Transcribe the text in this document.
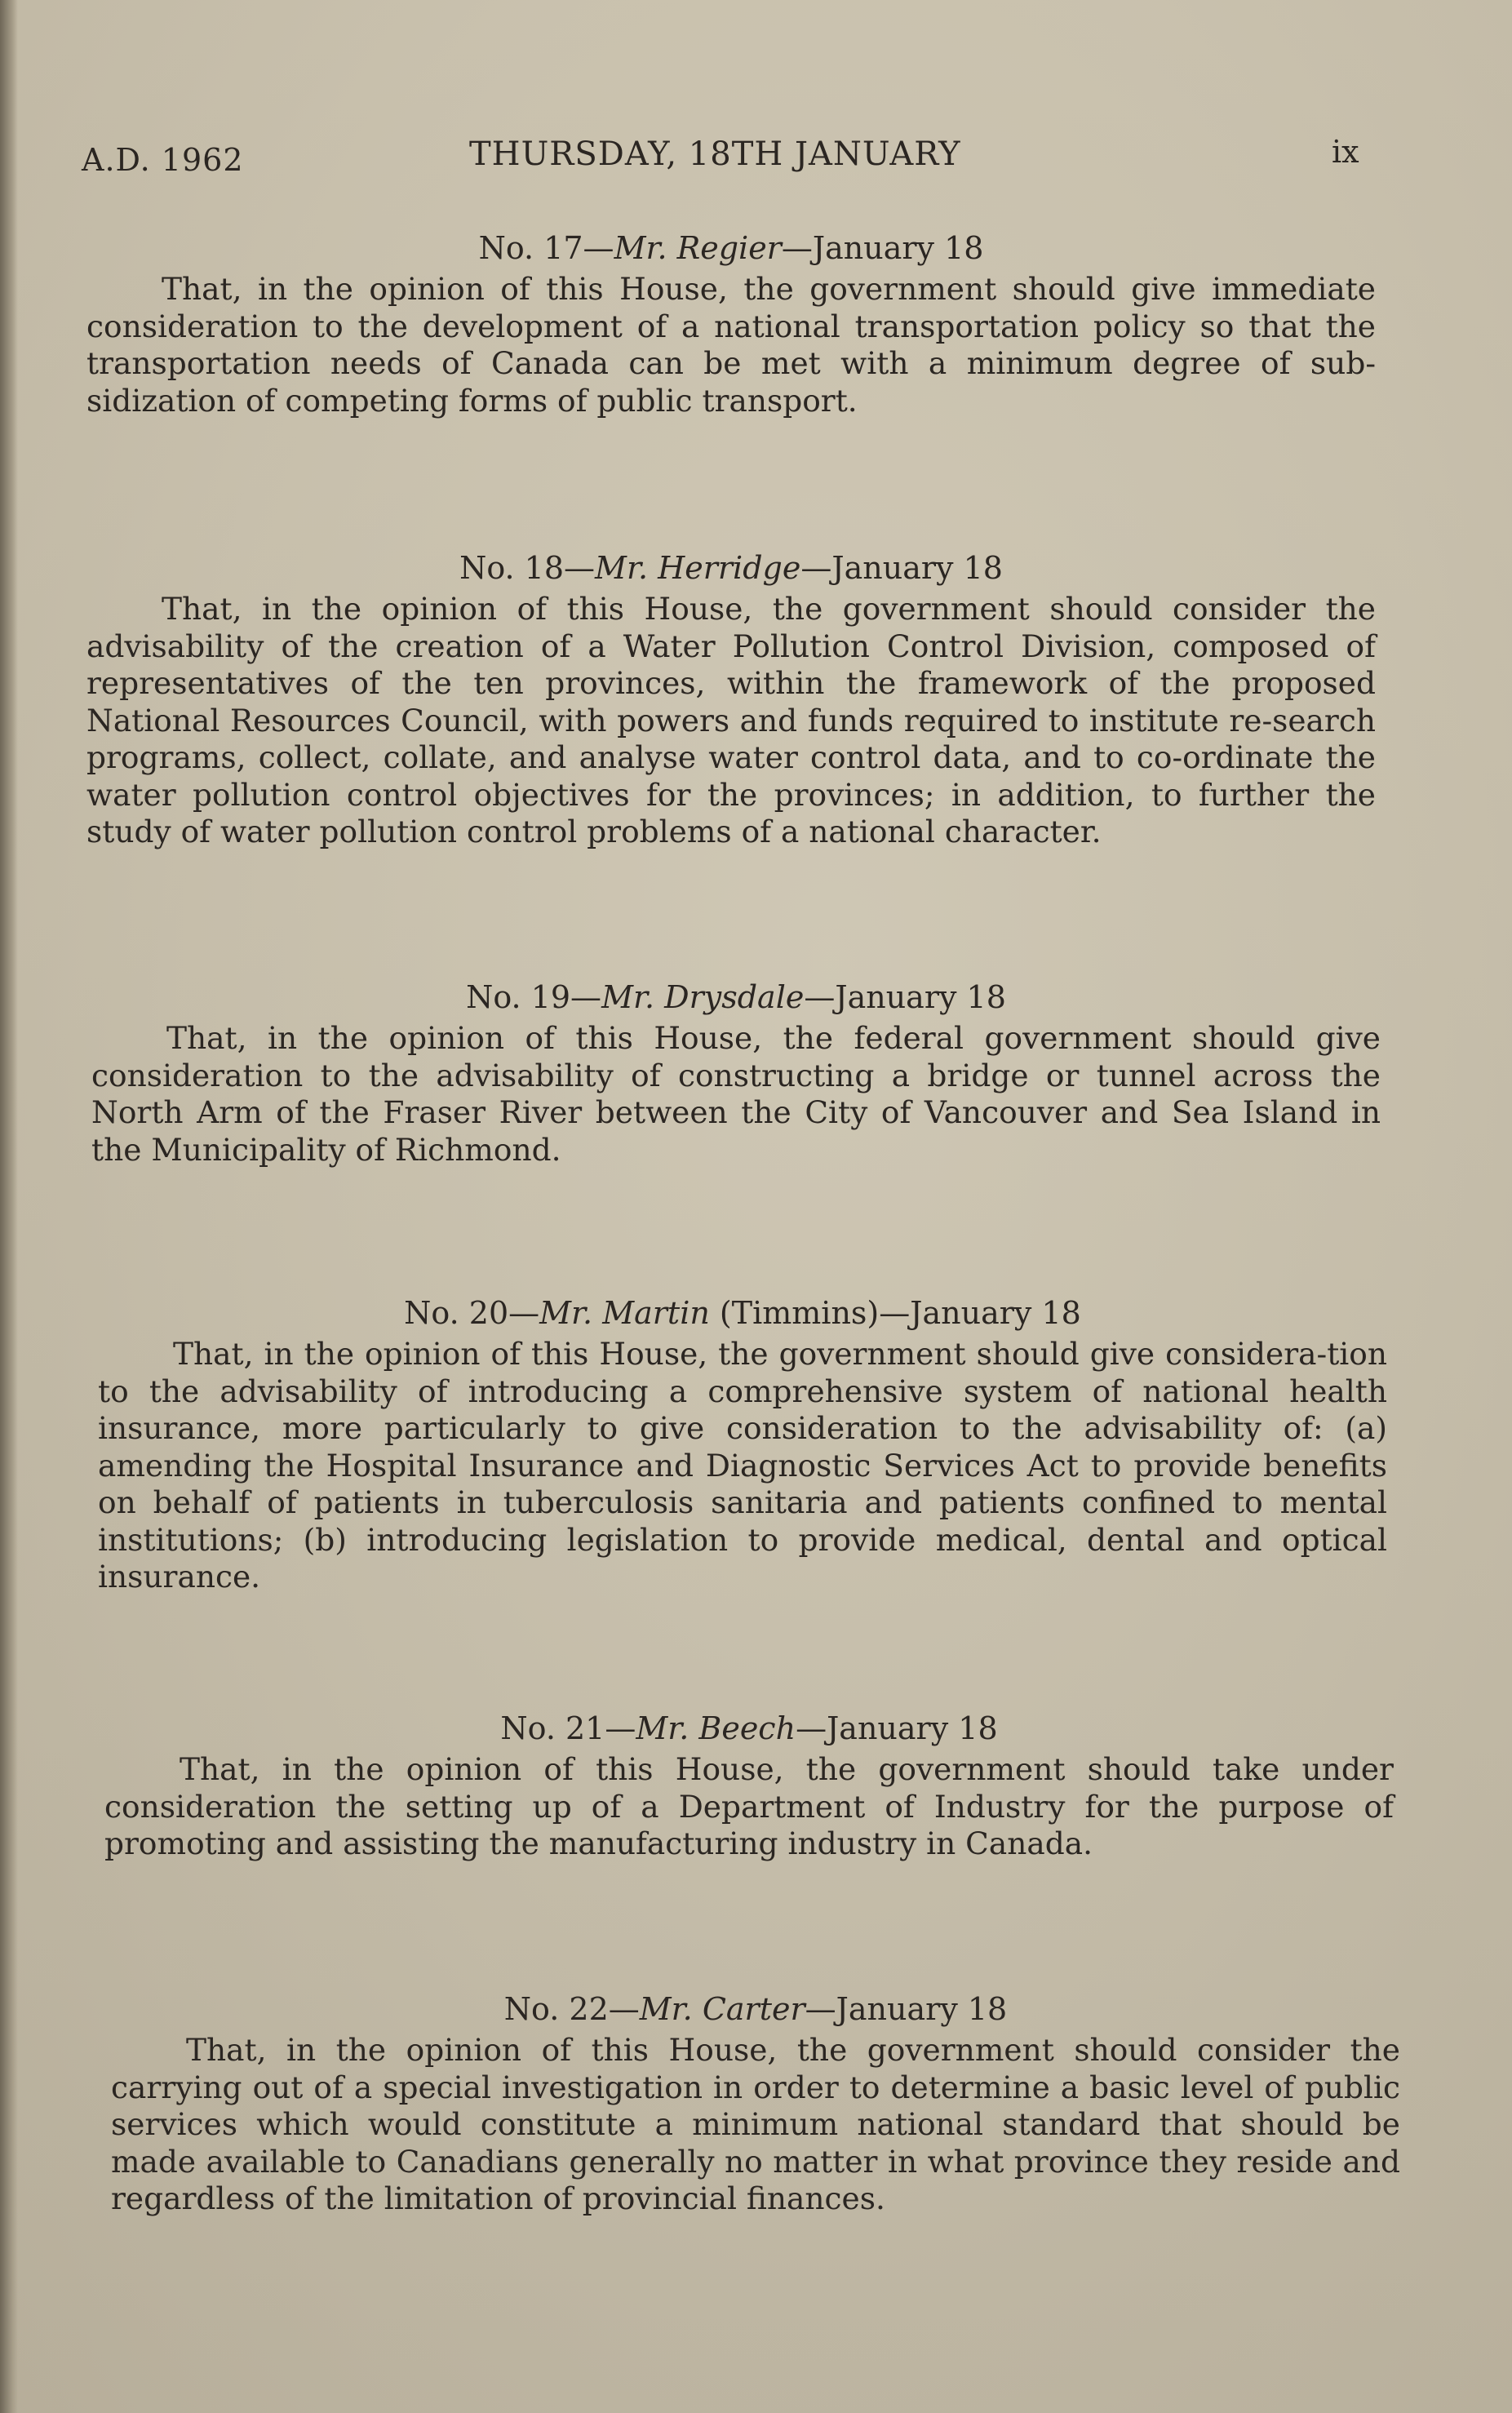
A.D. 1962	THURSDAY, 18TH JANUARY	ix
No. 17—Mr. Regier—January 18
That, in the opinion of this House, the government should give immediate consideration to the development of a national transportation policy so that the transportation needs of Canada can be met with a minimum degree of sub-sidization of competing forms of public transport.
No. 18—Mr. Herridge—January 18
That, in the opinion of this House, the government should consider the advisability of the creation of a Water Pollution Control Division, composed of representatives of the ten provinces, within the framework of the proposed National Resources Council, with powers and funds required to institute re-search programs, collect, collate, and analyse water control data, and to co-ordinate the water pollution control objectives for the provinces; in addition, to further the study of water pollution control problems of a national character.
No. 19—Mr. Drysdale—January 18
That, in the opinion of this House, the federal government should give consideration to the advisability of constructing a bridge or tunnel across the North Arm of the Fraser River between the City of Vancouver and Sea Island in the Municipality of Richmond.
No. 20—Mr. Martin (Timmins)—January 18
That, in the opinion of this House, the government should give considera-tion to the advisability of introducing a comprehensive system of national health insurance, more particularly to give consideration to the advisability of: (a) amending the Hospital Insurance and Diagnostic Services Act to provide benefits on behalf of patients in tuberculosis sanitaria and patients confined to mental institutions; (b) introducing legislation to provide medical, dental and optical insurance.
No. 21—Mr. Beech—January 18
That, in the opinion of this House, the government should take under consideration the setting up of a Department of Industry for the purpose of promoting and assisting the manufacturing industry in Canada.
No. 22—Mr. Carter—January 18
That, in the opinion of this House, the government should consider the carrying out of a special investigation in order to determine a basic level of public services which would constitute a minimum national standard that should be made available to Canadians generally no matter in what province they reside and regardless of the limitation of provincial finances.
